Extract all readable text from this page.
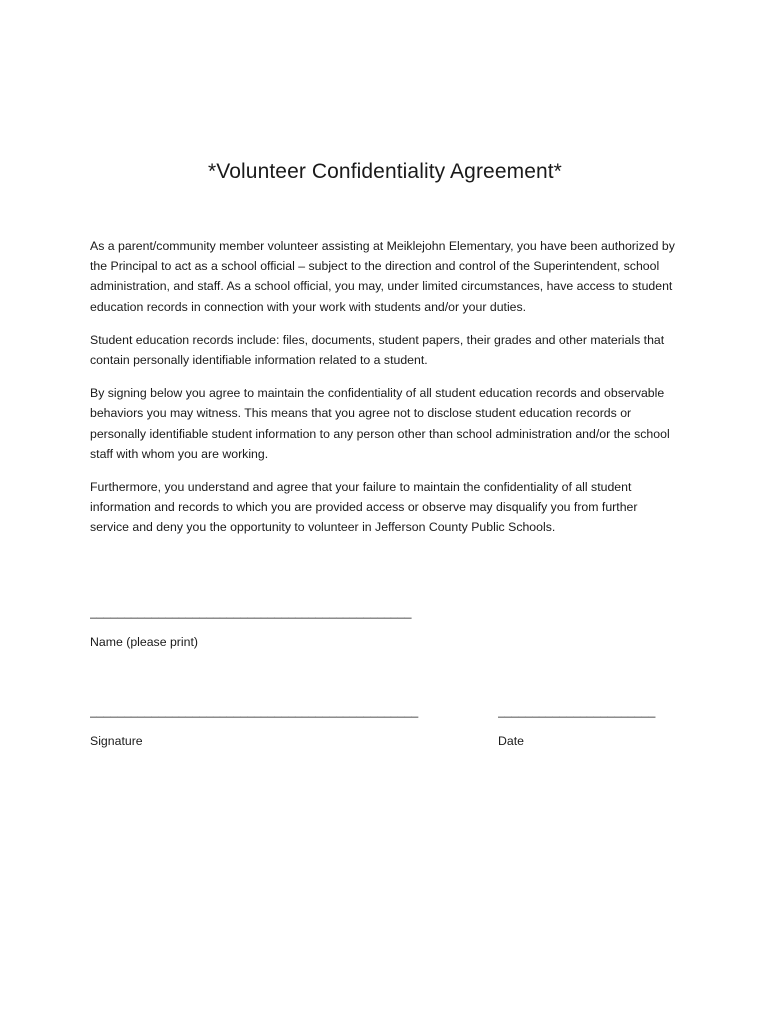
*Volunteer Confidentiality Agreement*

As a parent/community member volunteer assisting at Meiklejohn Elementary, you have been authorized by the Principal to act as a school official – subject to the direction and control of the Superintendent, school administration, and staff. As a school official, you may, under limited circumstances, have access to student education records in connection with your work with students and/or your duties.

Student education records include: files, documents, student papers, their grades and other materials that contain personally identifiable information related to a student.

By signing below you agree to maintain the confidentiality of all student education records and observable behaviors you may witness. This means that you agree not to disclose student education records or personally identifiable student information to any person other than school administration and/or the school staff with whom you are working.

Furthermore, you understand and agree that your failure to maintain the confidentiality of all student information and records to which you are provided access or observe may disqualify you from further service and deny you the opportunity to volunteer in Jefferson County Public Schools.

_______________________________________________
Name (please print)
________________________________________________
Signature
_______________________
Date
